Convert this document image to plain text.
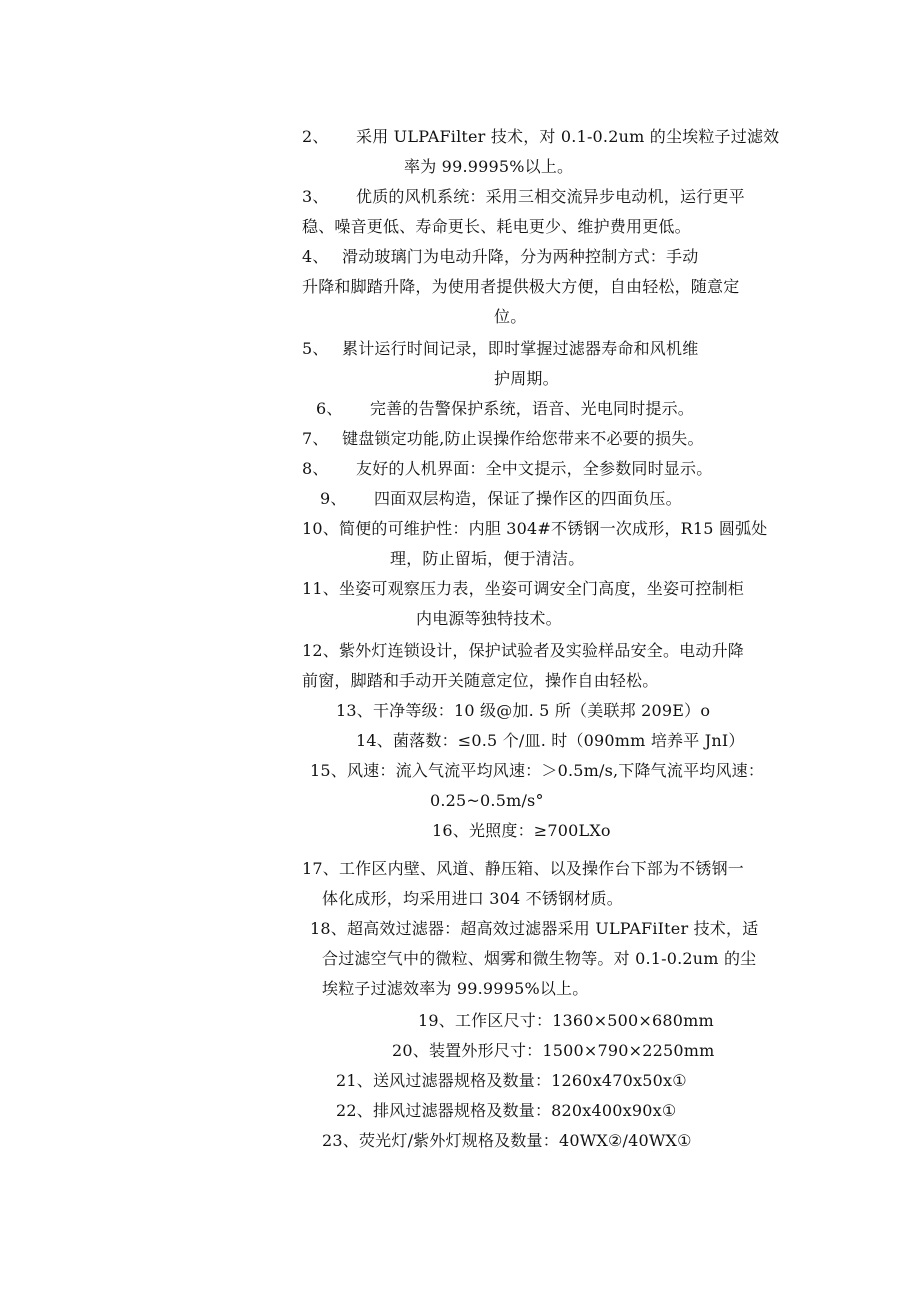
2、 采用 ULPAFilter 技术，对 0.1-0.2um 的尘埃粒子过滤效
率为 99.9995%以上。
3、 优质的风机系统：采用三相交流异步电动机，运行更平
稳、噪音更低、寿命更长、耗电更少、维护费用更低。
4、 滑动玻璃门为电动升降，分为两种控制方式：手动
升降和脚踏升降，为使用者提供极大方便，自由轻松，随意定
位。
5、 累计运行时间记录，即时掌握过滤器寿命和风机维
护周期。
6、 完善的告警保护系统，语音、光电同时提示。
7、 键盘锁定功能,防止误操作给您带来不必要的损失。
8、 友好的人机界面：全中文提示，全参数同时显示。
9、 四面双层构造，保证了操作区的四面负压。
10、简便的可维护性：内胆 304#不锈钢一次成形，R15 圆弧处
理，防止留垢，便于清洁。
11、坐姿可观察压力表，坐姿可调安全门高度，坐姿可控制柜
内电源等独特技术。
12、紫外灯连锁设计，保护试验者及实验样品安全。电动升降
前窗，脚踏和手动开关随意定位，操作自由轻松。
13、干净等级：10 级@加. 5 所（美联邦 209E）o
14、菌落数：≤0.5 个/皿. 时（090mm 培养平 JnI）
15、风速：流入气流平均风速：＞0.5m∕s,下降气流平均风速：
0.25~0.5m∕s°
16、光照度：≥700LXo
17、工作区内壁、风道、静压箱、以及操作台下部为不锈钢一
体化成形，均采用进口 304 不锈钢材质。
18、超高效过滤器：超高效过滤器采用 ULPAFiIter 技术，适
合过滤空气中的微粒、烟雾和微生物等。对 0.1-0.2um 的尘
埃粒子过滤效率为 99.9995%以上。
19、工作区尺寸：1360×500×680mm
20、装置外形尺寸：1500×790×2250mm
21、送风过滤器规格及数量：1260x470x50x①
22、排风过滤器规格及数量：820x400x90x①
23、荧光灯/紫外灯规格及数量：40WX②/40WX①
